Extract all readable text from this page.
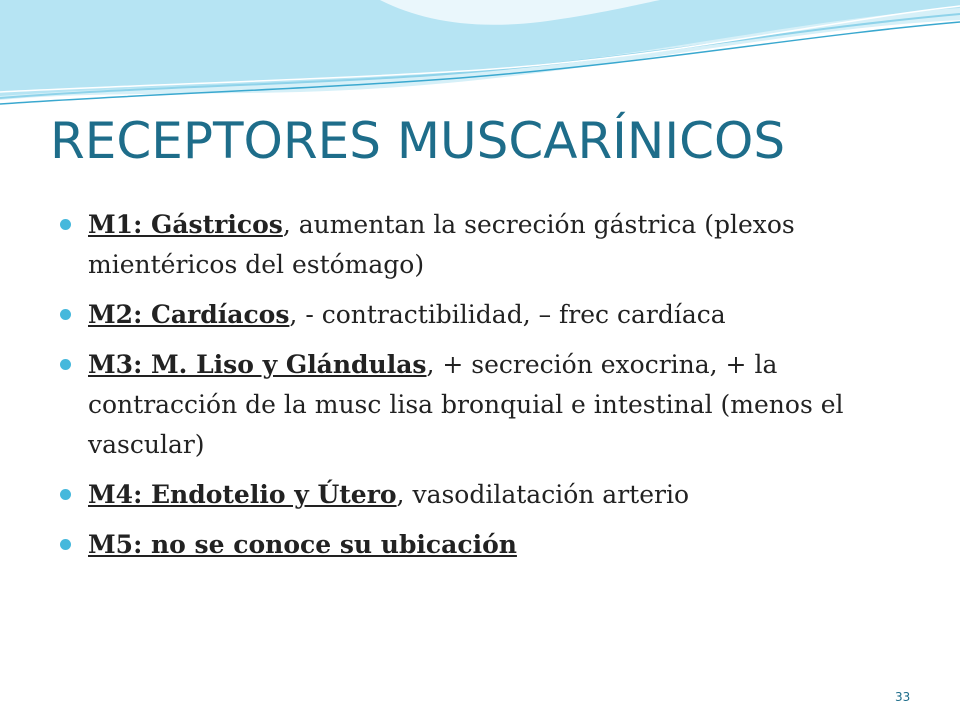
RECEPTORES MUSCARÍNICOS
M1: Gástricos, aumentan la secreción gástrica (plexos mientéricos del estómago)
M2: Cardíacos, - contractibilidad, – frec cardíaca
M3: M. Liso y Glándulas, + secreción exocrina, + la contracción de la musc lisa bronquial e intestinal (menos el vascular)
M4: Endotelio y Útero, vasodilatación arterio
M5: no se conoce su ubicación
33
